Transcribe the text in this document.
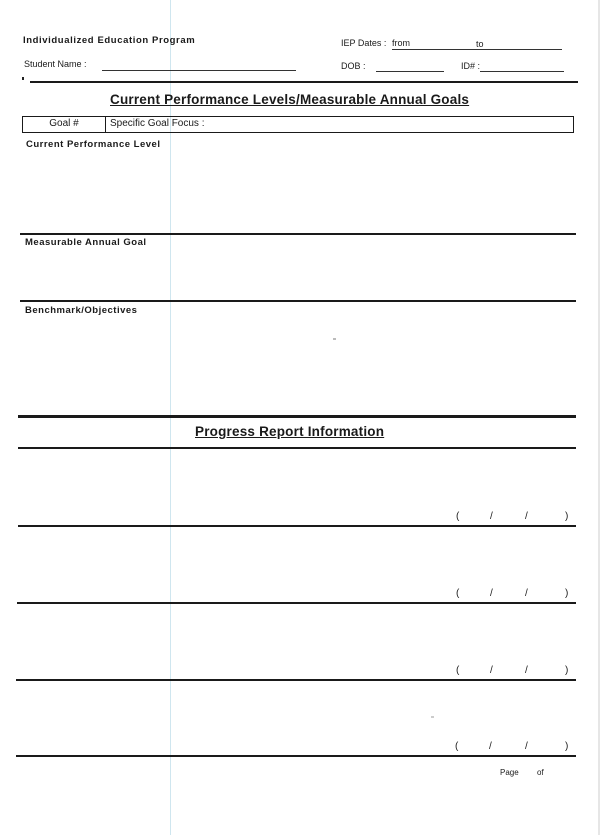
Individualized Education Program	IEP Dates : from	to
Student Name :	DOB :	ID# :
Current Performance Levels/Measurable Annual Goals
Goal #	Specific Goal Focus :
Current Performance Level
Measurable Annual Goal
Benchmark/Objectives
Progress Report Information
(	/	/	)
(	/	/	)
(	/	/	)
(	/	/	)
Page of
